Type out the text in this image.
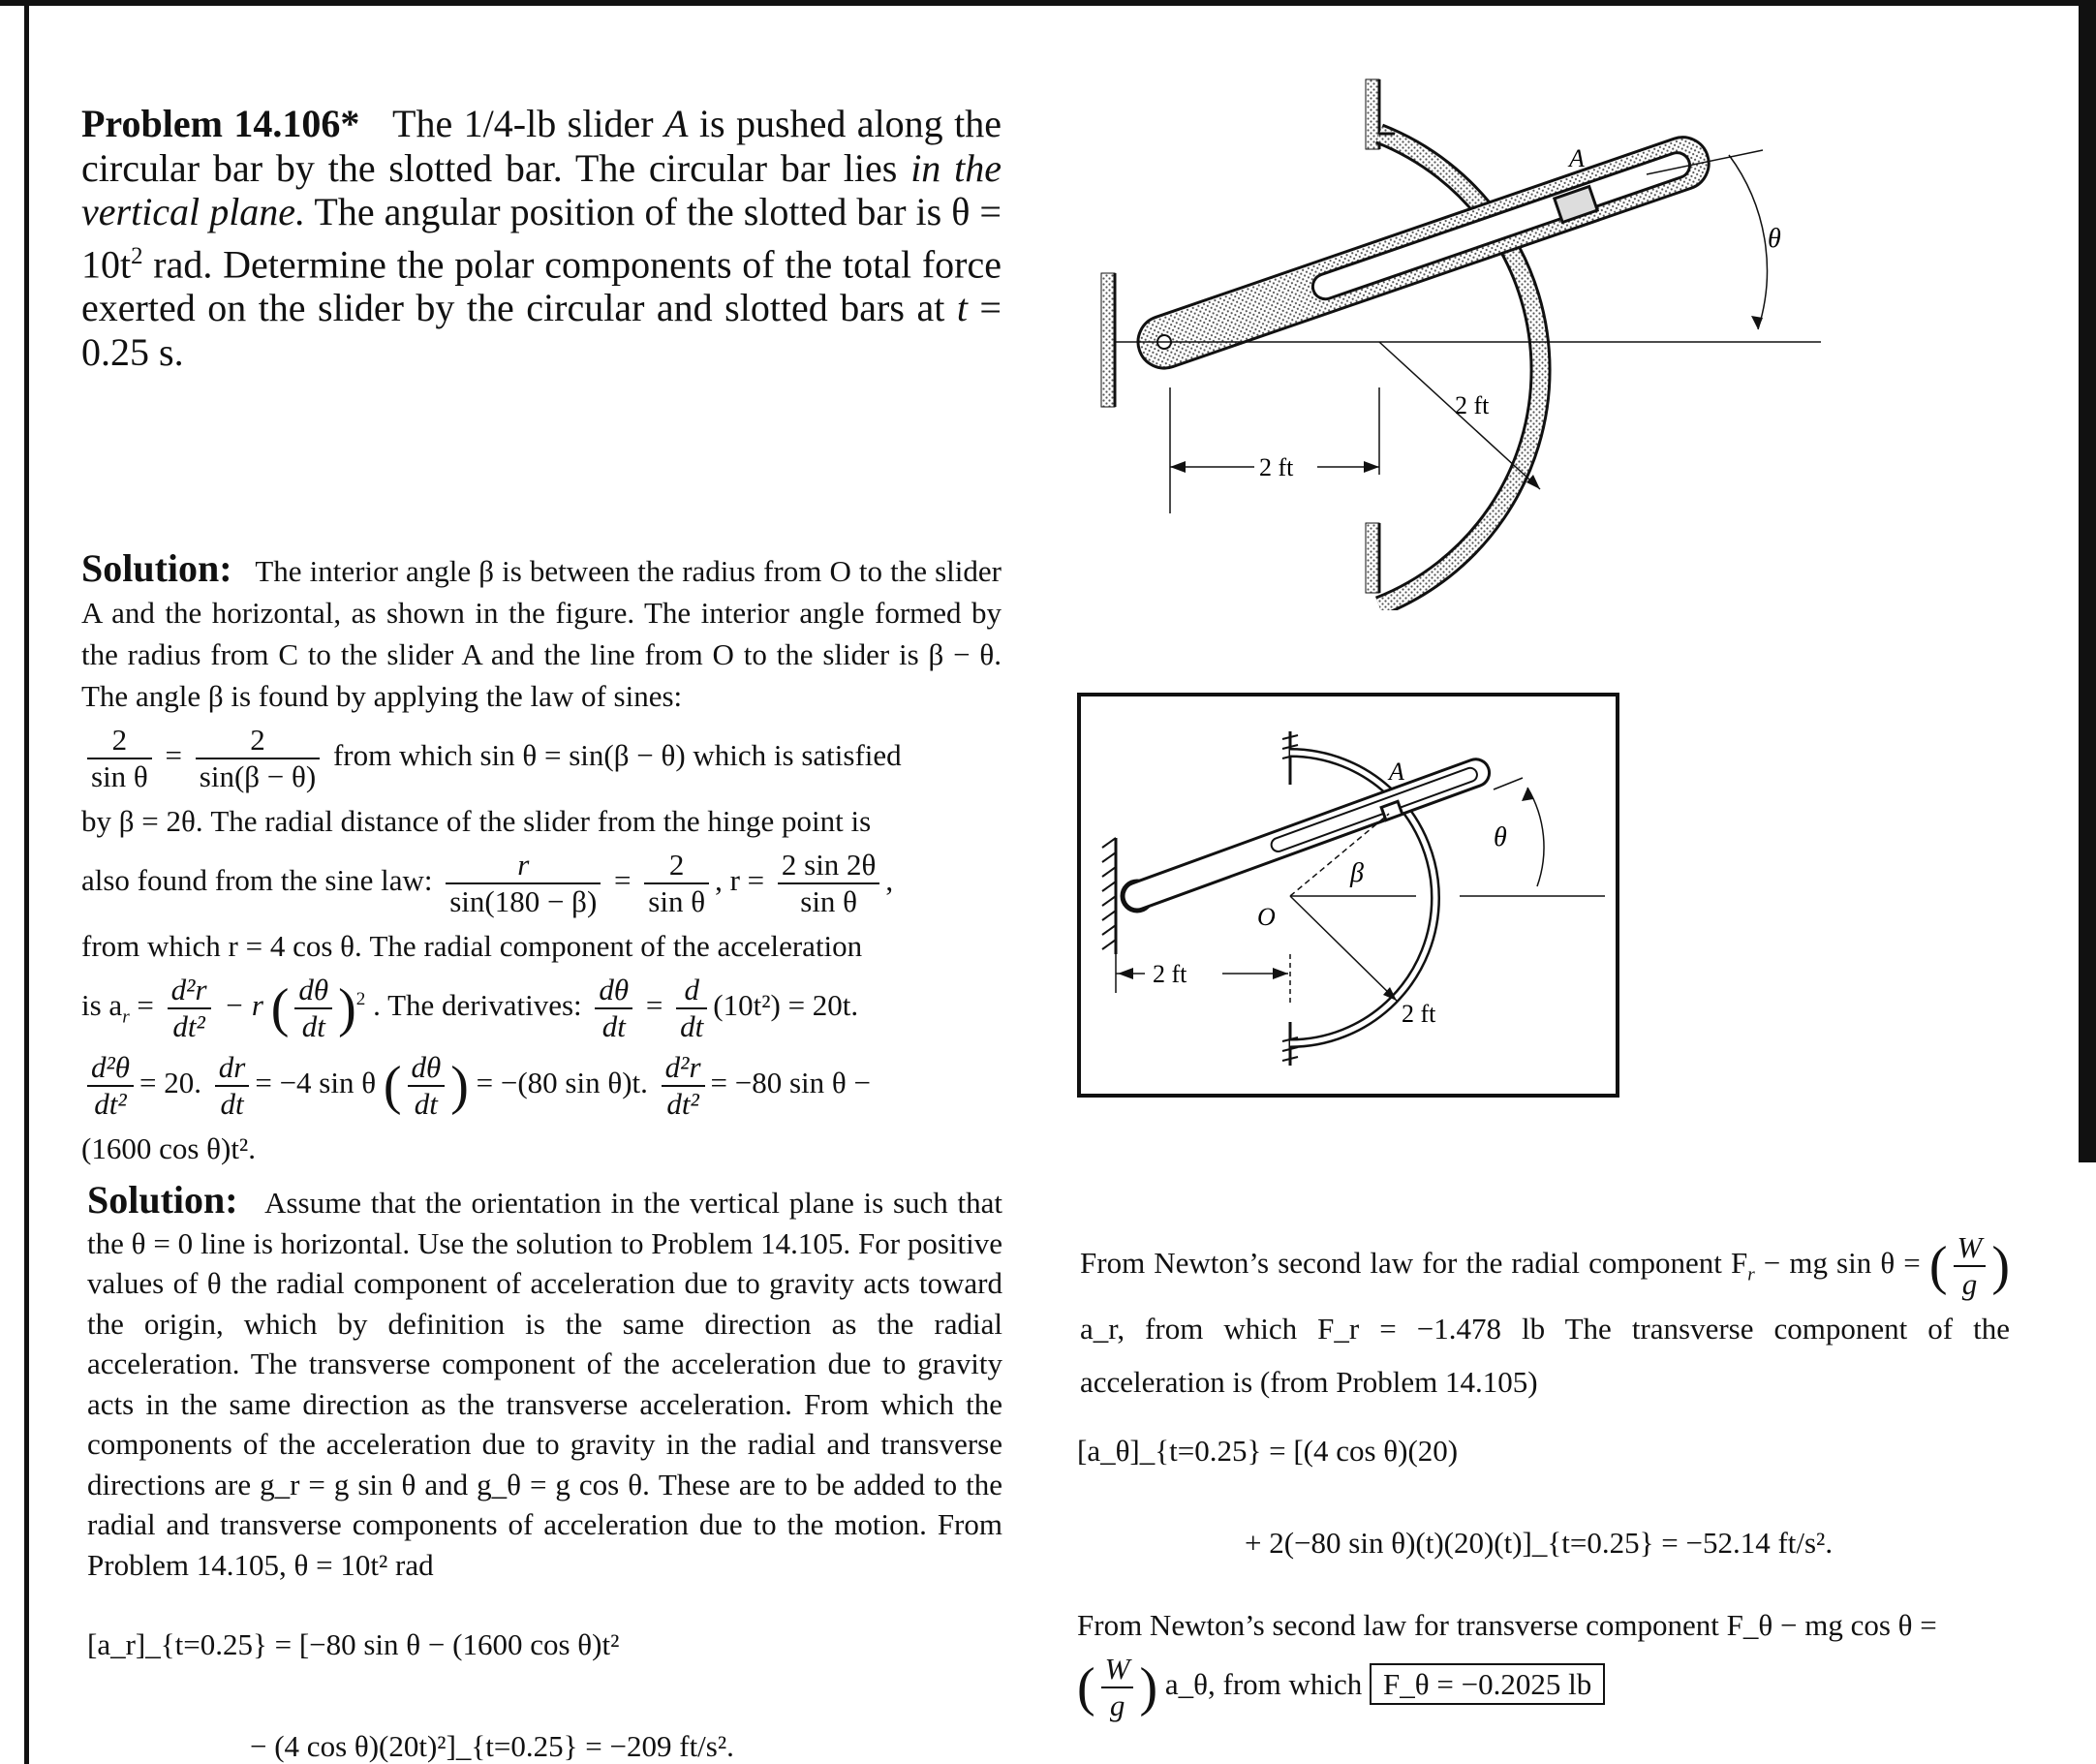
Problem 14.106* The 1/4-lb slider A is pushed along the circular bar by the slotted bar. The circular bar lies in the vertical plane. The angular position of the slotted bar is $\theta = 10t^2$ rad. Determine the polar components of the total force exerted on the slider by the circular and slotted bars at t = 0.25 s.

A
θ
2 ft
2 ft
A
θ
β
O
2 ft
2 ft

Solution: The interior angle β is between the radius from O to the slider A and the horizontal, as shown in the figure. The interior angle formed by the radius from C to the slider A and the line from O to the slider is β − θ. The angle β is found by applying the law of sines:

$\frac{2}{\text{sin θ}} = \frac{2}{\sin(\beta - \theta)}$ from which sin θ = sin(β − θ) which is satisfied

by β = 2θ. The radial distance of the slider from the hinge point is

also found from the sine law: $\frac{r}{\sin(180 - \beta)} = \frac{2}{\text{sin θ}}$ , $r = \frac{2 \sin 2\theta}{\text{sin θ}}$ ,

from which r = 4 cos θ. The radial component of the acceleration

is $a_r = \frac{\text{d²r}}{\text{dt²}} - r$ ( $\frac{d\theta}{dt} )^2$ . The derivatives: $\frac{d\theta}{dt} = \frac{d}{dt} (10t^2) = 20t$.

$\frac{\text{d²θ}}{\text{dt²}} = 20$. $\frac{dr}{dt} = -4$ sin θ ( $\frac{d\theta}{dt}$ ) = −(80 sin θ)t. $\frac{\text{d²r}}{\text{dt²}} = -80$ sin θ −

(1600 cos θ)t².

Solution: Assume that the orientation in the vertical plane is such that the θ = 0 line is horizontal. Use the solution to Problem 14.105. For positive values of θ the radial component of acceleration due to gravity acts toward the origin, which by definition is the same direction as the radial acceleration. The transverse component of the acceleration due to gravity acts in the same direction as the transverse acceleration. From which the components of the acceleration due to gravity in the radial and transverse directions are g_r = g sin θ and g_θ = g cos θ. These are to be added to the radial and transverse components of acceleration due to the motion. From Problem 14.105, θ = 10t² rad

[a_r]_{t=0.25} = [−80 sin θ − (1600 cos θ)t²
− (4 cos θ)(20t)²]_{t=0.25} = −209 ft/s².

From Newton’s second law for the radial component $F_r$ − mg sin θ = ( $\frac{W}{g}$ ) a_r, from which F_r = −1.478 lb The transverse component of the acceleration is (from Problem 14.105)

[a_θ]_{t=0.25} = [(4 cos θ)(20)
+ 2(−80 sin θ)(t)(20)(t)]_{t=0.25} = −52.14 ft/s².

From Newton’s second law for transverse component F_θ − mg cos θ =
( $\frac{W}{g}$ ) a_θ, from which F_θ = −0.2025 lb
